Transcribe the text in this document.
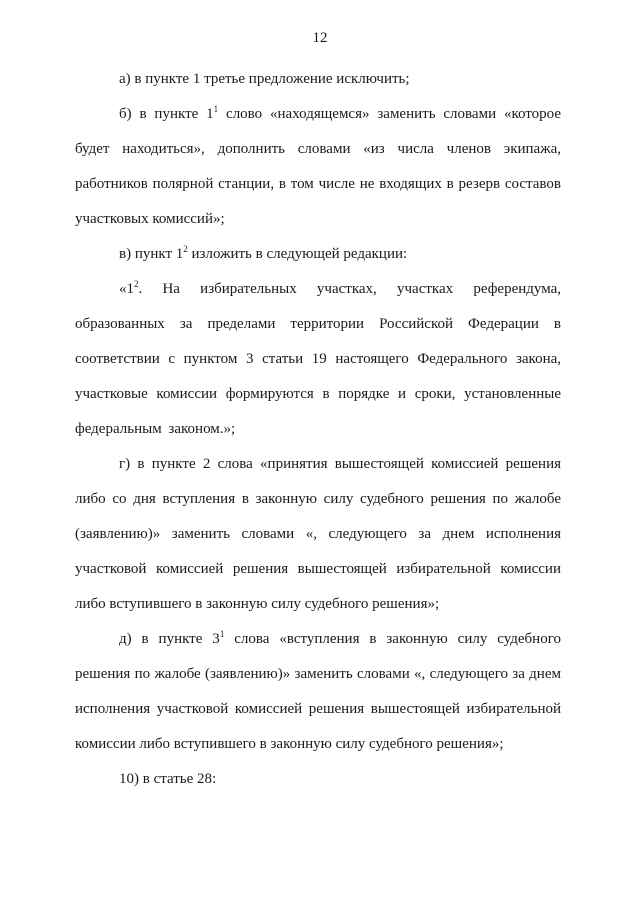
12

а) в пункте 1 третье предложение исключить;

б) в пункте $1^1$ слово «находящемся» заменить словами «которое будет находиться», дополнить словами «из числа членов экипажа, работников полярной станции, в том числе не входящих в резерв составов участковых комиссий»;

в) пункт $1^2$ изложить в следующей редакции:

«$1^2$. На избирательных участках, участках референдума, образованных за пределами территории Российской Федерации в соответствии с пунктом 3 статьи 19 настоящего Федерального закона, участковые комиссии формируются в порядке и сроки, установленные федеральным законом.»;

г) в пункте 2 слова «принятия вышестоящей комиссией решения либо со дня вступления в законную силу судебного решения по жалобе (заявлению)» заменить словами «, следующего за днем исполнения участковой комиссией решения вышестоящей избирательной комиссии либо вступившего в законную силу судебного решения»;

д) в пункте $3^1$ слова «вступления в законную силу судебного решения по жалобе (заявлению)» заменить словами «, следующего за днем исполнения участковой комиссией решения вышестоящей избирательной комиссии либо вступившего в законную силу судебного решения»;

10) в статье 28:
